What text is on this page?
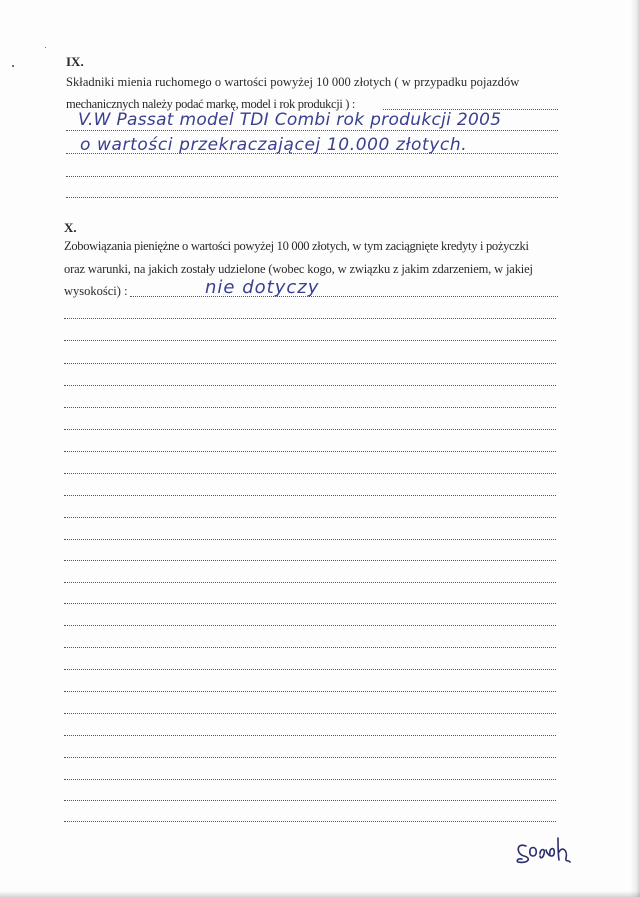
IX.
Składniki mienia ruchomego o wartości powyżej 10 000 złotych ( w przypadku pojazdów
mechanicznych należy podać markę, model i rok produkcji ) :
V.W Passat model TDI Combi rok produkcji 2005
o wartości przekraczającej 10.000 złotych.
X.
Zobowiązania pieniężne o wartości powyżej 10 000 złotych, w tym zaciągnięte kredyty i pożyczki
oraz warunki, na jakich zostały udzielone (wobec kogo, w związku z jakim zdarzeniem, w jakiej
wysokości) :	nie dotyczy
